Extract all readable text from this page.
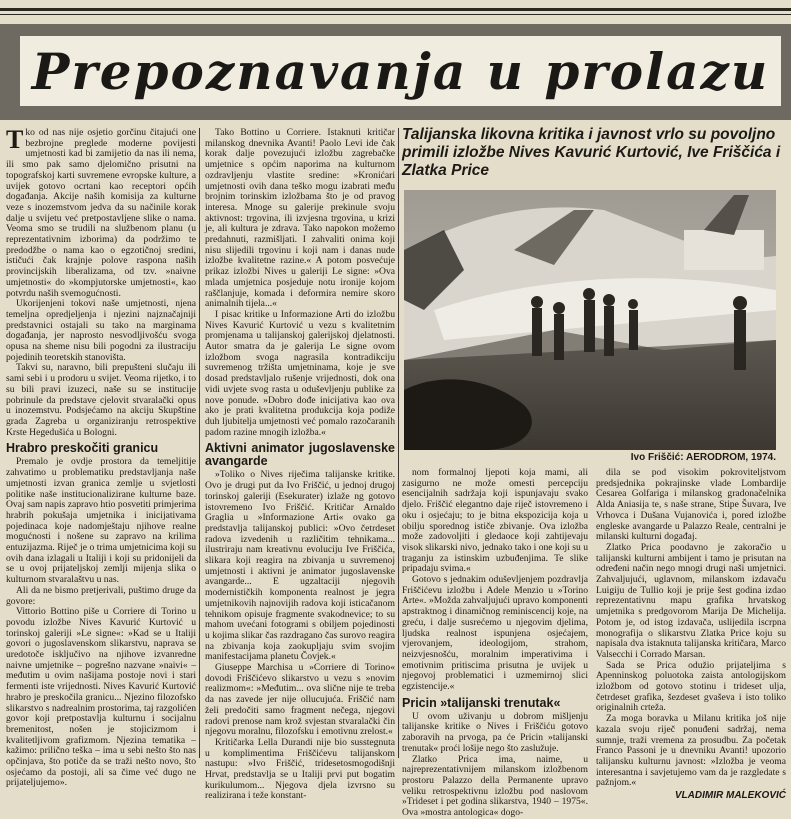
Prepoznavanja u prolazu

Tko od nas nije osjetio gorčinu čitajući one bezbrojne pregledе moderne povijesti umjetnosti kad bi zamijetio da nas ili nema, ili smo pak samo djelomično prisutni na topografskoj karti suvremene evropske kulture, a uvijek gotovo ocrtani kao receptori općih događanja. Akcije naših komisija za kulturne veze s inozemstvom jedva da su načinile korak dalje u svijetu već pretpostavljene slike o nama. Veoma smo se trudili na službenom planu (u reprezentativnim izborima) da podržimo te predodžbe o nama kao o egzotičnoj sredini, ističući čak krajnje polove raspona naših provincijskih liberalizama, od tzv. »naivne umjetnosti« do »kompjutorske umjetnosti«, kao potvrdu naših svemogućnosti.

Ukorijenjeni tokovi naše umjetnosti, njena temeljna opredjeljenja i njezini najznačajniji predstavnici ostajali su tako na marginama događanja, jer naprosto nesvodljivošću svoga opusa na sheme nisu bili pogodni za ilustraciju pojedinih teoretskih stanovišta.

Takvi su, naravno, bili prepušteni slučaju ili sami sebi i u prodoru u svijet. Veoma rijetko, i to su bili pravi izuzeci, naše su se institucije pobrinule da predstave cjelovit stvaralački opus u inozemstvu. Podsjećamo na akciju Skupštine grada Zagreba u organiziranju retrospektive Krste Hegedušića u Bologni.

Hrabro preskočiti granicu

Premalo je ovdje prostora da temeljitije zahvatimo u problematiku predstavljanja naše umjetnosti izvan granica zemlje u svjetlosti politike naše institucionalizirane kulturne baze. Ovaj sam napis zapravo htio posvetiti primjerima hrabrih pokušaja umjetnika i inicijativama pojedinaca koje nadomještaju njihove realne mogućnosti i nošene su zapravo na krilima entuzijazma. Riječ je o trima umjetnicima koji su ovih dana izlagali u Italiji i koji su pridonijeli da se u ovoj prijateljskoj zemlji mijenja slika o kulturnom stvaralaštvu u nas.

Ali da ne bismo pretjerivali, puštimo druge da govore:

Vittorio Bottino piše u Corriere di Torino u povodu izložbe Nives Kavurić Kurtović u torinskoj galeriji »Le signe«: »Kad se u Italiji govori o jugoslavenskom slikarstvu, naprava se uredotoče isključivo na njihove izvanredne naivne umjetnike – pogrešno nazvane »naivi« – međutim u ovim našijama postoje novi i stari fermenti iste vrijednosti. Nives Kavurić Kurtović hrabro je preskočila granicu... Njezino filozofsko slikarstvo s nadrealnim prostorima, taj razgolićen govor koji pretpostavlja kulturnu i socijalnu bremenitost, nošen je stojicizmom i kvalitetljivom grafizmom. Njezina tematika – kažimo: prilično teška – ima u sebi nešto što nas opčinjava, što potiče da se traži nešto novo, što osjećamo da postoji, ali sa čime već dugo ne prijateljujemo».

Tako Bottino u Corriere. Istaknuti kritičar milanskog dnevnika Avanti! Paolo Levi ide čak korak dalje povezujući izložbu zagrebačke umjetnice s općim naporima na kulturnom ozdravljenju vlastite sredine: »Kronićari umjetnosti ovih dana teško mogu izabrati među brojnim torinskim izložbama što je od pravog interesa. Mnoge su galerije prekinule svoju aktivnost: trgovina, ili izvjesna trgovina, u krizi je, ali kultura je zdrava. Tako napokon možemo predahnuti, razmišljati. I zahvaliti onima koji nisu slijedili trgovinu i koji nam i danas nude izložbe kvalitetne razine.« A potom posvećuje prikaz izložbi Nives u galeriji Le signe: »Ova mlada umjetnica posjeduje notu ironije kojom raščlanjuje, komada i deformira nemire skoro animalnih tijela...«

I pisac kritike u Informazione Arti do izložbu Nives Kavurić Kurtović u vezu s kvalitetnim promjenama u talijanskoj galerijskoj djelatnosti. Autor smatra da je galerija Le signe ovom izložbom svoga nagrasila kontradikciju suvremenog tržišta umjetninama, koje je sve dosad predstavljalo rušenje vrijednosti, dok ona vidi uvjete svog rasta u oduševljenju publike za nove ponude. »Dobro dođe inicijativa kao ova ako je prati kvalitetna produkcija koja podiže duh ljubitelja umjetnosti već pomalo razočaranih padom razine mnogih izložba.«

Aktivni animator jugoslavenske avangarde

»Toliko o Nives riječima talijanske kritike. Ovo je drugi put da Ivo Friščić, u jednoj drugoj torinskoj galeriji (Esekurater) izlaže ng gotovo istovremeno Ivo Friščić. Kritičar Arnaldo Graglia u »Informazione Arti« ovako ga predstavlja talijanskoj publici: »Ovo četrdeset radova izvedenih u različitim tehnikama... ilustriraju nam kreativnu evoluciju Ive Friščića, slikara koji reagira na zbivanja u suvremenoj umjetnosti i aktivni je animator jugoslavenske avangarde... E ugzaltaciji njegovih modernističkih komponenta realnost je jegra umjetnikovih najnovijih radova koji isticačanom tehnikom opisuje fragmente svakodnevice; to su mahom uvećani fotogrami s obiljem pojedinosti u kojima slikar čas razdragano čas surovo reagira na zbivanja koja zaokupljaju svim svojim manifestacijama planetu Čovjek.«

Giuseppe Marchisa u »Corriere di Torino« dovodi Friščićevo slikarstvo u vezu s »novim realizmom«: »Međutim... ova slične nije te treba da nas zavede jer nije ollucujuća. Friščić nam želi predočiti samo fragment nečega, njegovi radovi prenose nam krož svjestan stvaralački čin njegovu moralnu, filozofsku i emotivnu zrelost.«

Kritičarka Lella Durandi nije bio susstegnuta u komplimentima Friščićevu talijanskom nastupu: »Ivo Friščić, tridesetosmogodišnji Hrvat, predstavlja se u Italiji prvi put bogatim kurikulumom... Njegova djela izvrsno su realizirana i teže konstant-

Talijanska likovna kritika i javnost vrlo su povoljno primili izložbe Nives Kavurić Kurtović, Ive Friščića i Zlatka Price
Ivo Friščić: AERODROM, 1974.

nom formalnoj ljepoti koja mami, ali zasigurno ne može omesti percepciju esencijalnih sadržaja koji ispunjavaju svako djelo. Friščić elegantno daje riječ istovremeno i oku i osjećaju; to je bitna ekspozicija koja u obilju sporednog ističe zbivanje. Ova izložba može zadovoljiti i gledaoce koji zahtijevaju visok slikarski nivo, jednako tako i one koji su u traganju za istinskim uzbuđenjima. Te slike pripadaju svima.«

Gotovo s jednakim oduševljenjem pozdravlja Friščićevu izložbu i Adele Menzio u »Torino Arte«. »Možda zahvaljujući upravo komponenti apstraktnog i dinamičnog reminiscencij koje, na greću, i dalje susrećemo u njegovim djelima, ljudska realnost ispunjena osjećajem, vjerovanjem, ideologijom, strahom, neizvjesnošću, moralnim imperativima i emotivnim pritiscima prisutna je uvijek u njegovoj problematici i uzmemirnoj slici egzistencije.«

Pricin »talijanski trenutak«

U ovom uživanju u dobrom mišljenju talijanske kritike o Nives i Friščiću gotovo zaboravih na prvoga, pa će Pricin »talijanski trenutak« proći lošije nego što zaslužuje.

Zlatko Prica ima, naime, u najreprezentativnijem milanskom izložbenom prostoru Palazzo della Permanente upravo veliku retrospektivnu izložbu pod naslovom »Trideset i pet godina slikarstva, 1940 – 1975«. Ova »mostra antologica« dogo-

dila se pod visokim pokroviteljstvom predsjednika pokrajinske vlade Lombardije Cesarea Golfariga i milanskog gradonačelnika Alda Aniasija te, s naše strane, Stipe Šuvara, Ive Vrhovca i Dušana Vujanovića i, pored izložbe engleske avangarde u Palazzo Reale, centralni je milanski kulturni događaj.

Zlatko Prica poodavno je zakoračio u talijanski kulturni ambijent i tamo je prisutan na određeni način nego mnogi drugi naši umjetnici. Zahvaljujući, uglavnom, milanskom izdavaču Luigiju de Tullio koji je prije šest godina izdao reprezentativnu mapu grafika hrvatskog umjetnika s predgovorom Marija De Michelija. Potom je, od istog izdavača, uslijedila iscrpna monografija o slikarstvu Zlatka Price koju su napisala dva istaknuta talijanska kritičara, Marco Valsecchi i Corrado Marsan.

Sada se Prica odužio prijateljima s Apenninskog poluotoka zaista antologijskom izložbom od gotovo stotinu i trideset ulja, četrdeset grafika, šezdeset gvaševa i isto toliko originalnih crteža.

Za moga boravka u Milanu kritika još nije kazala svoju riječ ponuđeni sadržaj, nema sumnje, traži vremena za prosudbu. Za početak Franco Passoni je u dnevniku Avanti! upozorio talijansku kulturnu javnost: »Izložba je veoma interesantna i savjetujemo vam da je razgledate s pažnjom.«

VLADIMIR MALEKOVIĆ
